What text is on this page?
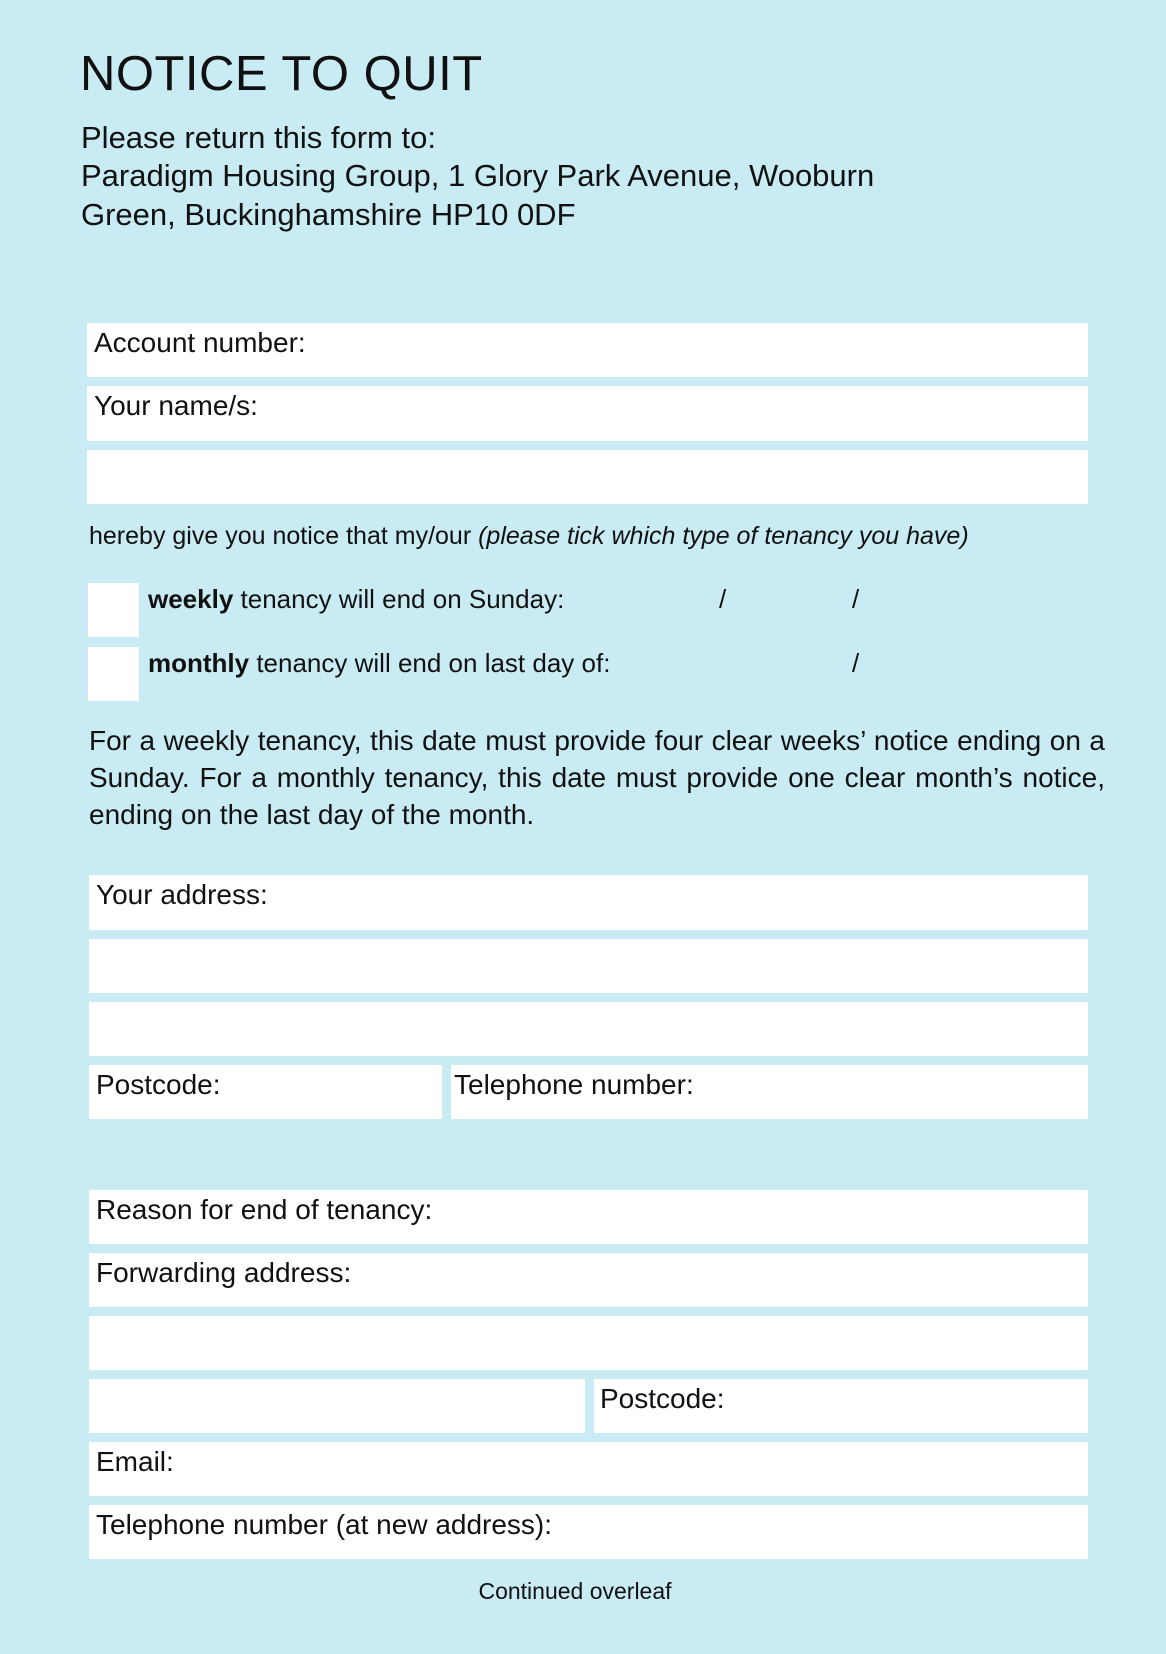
NOTICE TO QUIT
Please return this form to:
Paradigm Housing Group, 1 Glory Park Avenue, Wooburn
Green, Buckinghamshire HP10 0DF
Account number:
Your name/s:
hereby give you notice that my/our (please tick which type of tenancy you have)
weekly tenancy will end on Sunday:	/	/
monthly tenancy will end on last day of:	/
For a weekly tenancy, this date must provide four clear weeks’ notice ending on a Sunday. For a monthly tenancy, this date must provide one clear month’s notice, ending on the last day of the month.
Your address:
Postcode:	Telephone number:
Reason for end of tenancy:
Forwarding address:
Postcode:
Email:
Telephone number (at new address):
Continued overleaf
